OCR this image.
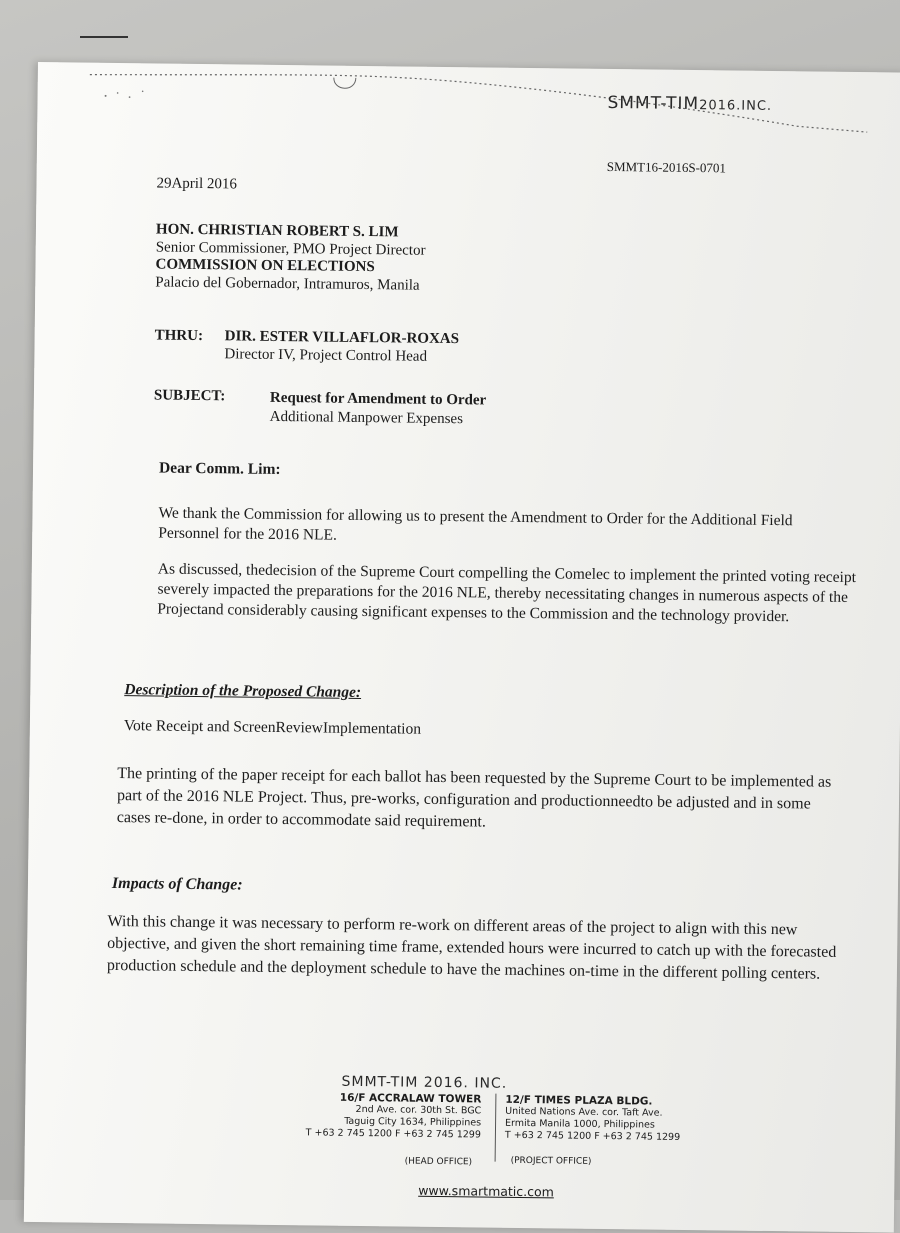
SMMT-TIM2016.INC.
SMMT16-2016S-0701
29April 2016
HON. CHRISTIAN ROBERT S. LIM
Senior Commissioner, PMO Project Director
COMMISSION ON ELECTIONS
Palacio del Gobernador, Intramuros, Manila
THRU: DIR. ESTER VILLAFLOR-ROXAS
Director IV, Project Control Head
SUBJECT:	Request for Amendment to Order
Additional Manpower Expenses
Dear Comm. Lim:
We thank the Commission for allowing us to present the Amendment to Order for the Additional Field Personnel for the 2016 NLE.
As discussed, thedecision of the Supreme Court compelling the Comelec to implement the printed voting receipt severely impacted the preparations for the 2016 NLE, thereby necessitating changes in numerous aspects of the Projectand considerably causing significant expenses to the Commission and the technology provider.
Description of the Proposed Change:
Vote Receipt and ScreenReviewImplementation
The printing of the paper receipt for each ballot has been requested by the Supreme Court to be implemented as part of the 2016 NLE Project. Thus, pre-works, configuration and productionneedto be adjusted and in some cases re-done, in order to accommodate said requirement.
Impacts of Change:
With this change it was necessary to perform re-work on different areas of the project to align with this new objective, and given the short remaining time frame, extended hours were incurred to catch up with the forecasted production schedule and the deployment schedule to have the machines on-time in the different polling centers.
SMMT-TIM 2016. INC.
16/F ACCRALAW TOWER
2nd Ave. cor. 30th St. BGC
Taguig City 1634, Philippines
T +63 2 745 1200 F +63 2 745 1299
12/F TIMES PLAZA BLDG.
United Nations Ave. cor. Taft Ave.
Ermita Manila 1000, Philippines
T +63 2 745 1200 F +63 2 745 1299
(HEAD OFFICE)	(PROJECT OFFICE)
www.smartmatic.com
